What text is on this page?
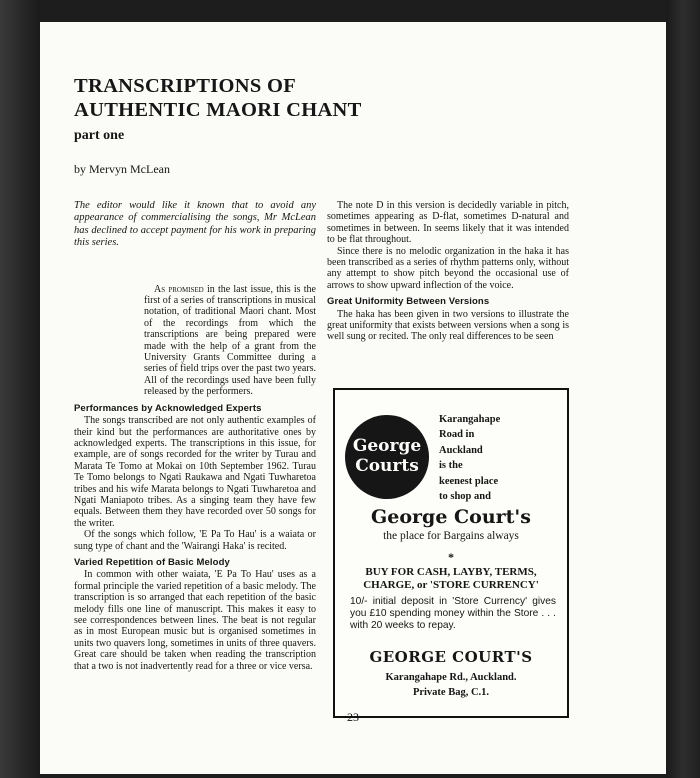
TRANSCRIPTIONS OF
AUTHENTIC MAORI CHANT

part one

by Mervyn McLean

The editor would like it known that to avoid any appearance of commercialising the songs, Mr McLean has declined to accept payment for his work in preparing this series.

As promised in the last issue, this is the first of a series of transcriptions in musical notation, of traditional Maori chant. Most of the recordings from which the transcriptions are being prepared were made with the help of a grant from the University Grants Committee during a series of field trips over the past two years. All of the recordings used have been fully released by the performers.

Performances by Acknowledged Experts

The songs transcribed are not only authentic examples of their kind but the performances are authoritative ones by acknowledged experts. The transcriptions in this issue, for example, are of songs recorded for the writer by Turau and Marata Te Tomo at Mokai on 10th September 1962. Turau Te Tomo belongs to Ngati Raukawa and Ngati Tuwharetoa tribes and his wife Marata belongs to Ngati Tuwharetoa and Ngati Maniapoto tribes. As a singing team they have few equals. Between them they have recorded over 50 songs for the writer.

Of the songs which follow, 'E Pa To Hau' is a waiata or sung type of chant and the 'Wairangi Haka' is recited.

Varied Repetition of Basic Melody

In common with other waiata, 'E Pa To Hau' uses as a formal principle the varied repetition of a basic melody. The transcription is so arranged that each repetition of the basic melody fills one line of manuscript. This makes it easy to see correspondences between lines. The beat is not regular as in most European music but is organised sometimes in units two quavers long, sometimes in units of three quavers. Great care should be taken when reading the transcription that a two is not inadvertently read for a three or vice versa.

The note D in this version is decidedly variable in pitch, sometimes appearing as D-flat, sometimes D-natural and sometimes in between. In seems likely that it was intended to be flat throughout.

Since there is no melodic organization in the haka it has been transcribed as a series of rhythm patterns only, without any attempt to show pitch beyond the occasional use of arrows to show upward inflection of the voice.

Great Uniformity Between Versions

The haka has been given in two versions to illustrate the great uniformity that exists between versions when a song is well sung or recited. The only real differences to be seen

George
Courts

Karangahape
Road in
Auckland
is the
keenest place
to shop and

George Court's

the place for Bargains always

*

BUY FOR CASH, LAYBY, TERMS,
CHARGE, or 'STORE CURRENCY'

10/- initial deposit in 'Store Currency' gives you £10 spending money within the Store . . . with 20 weeks to repay.

GEORGE COURT'S

Karangahape Rd., Auckland.
Private Bag, C.1.

23
